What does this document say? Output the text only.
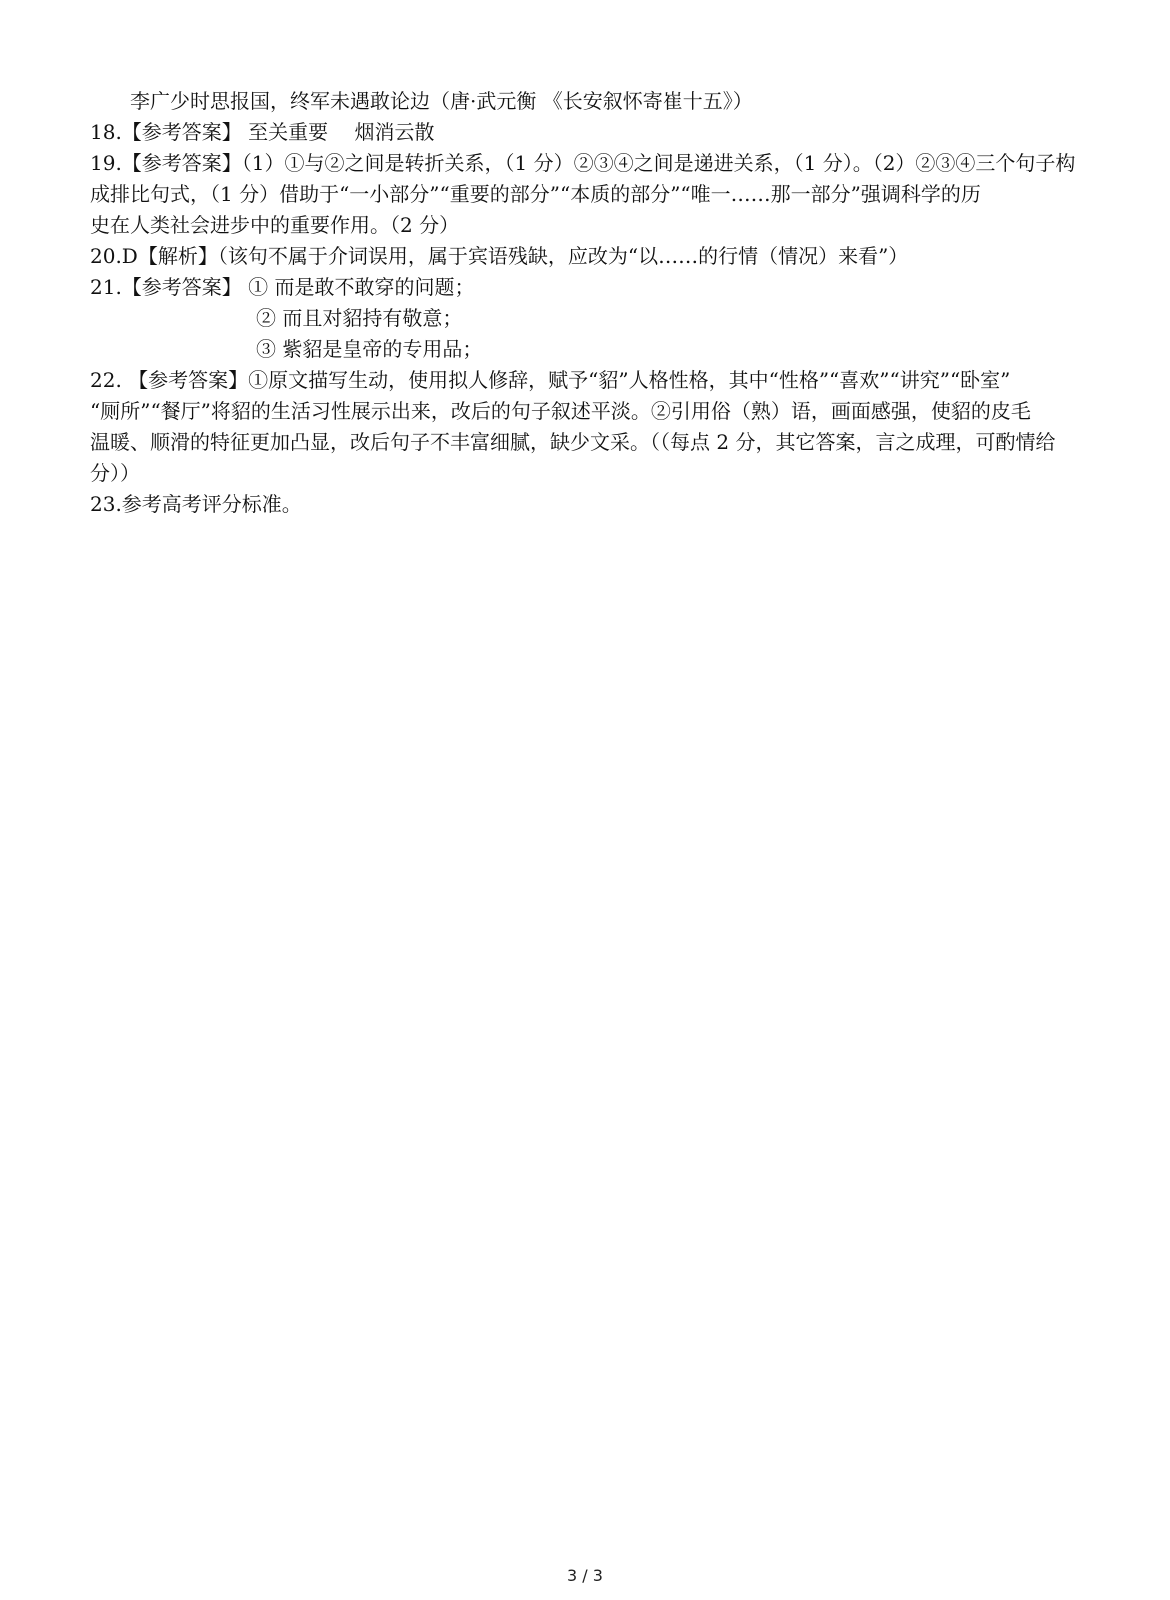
李广少时思报国，终军未遇敢论边（唐·武元衡 《长安叙怀寄崔十五》）
18.【参考答案】 至关重要　 烟消云散
19.【参考答案】（1）①与②之间是转折关系，（1 分）②③④之间是递进关系，（1 分）。（2）②③④三个句子构
成排比句式，（1 分）借助于“一小部分”“重要的部分”“本质的部分”“唯一……那一部分”强调科学的历
史在人类社会进步中的重要作用。（2 分）
20.D【解析】（该句不属于介词误用，属于宾语残缺，应改为“以……的行情（情况）来看”）
21.【参考答案】 ① 而是敢不敢穿的问题；
② 而且对貂持有敬意；
③ 紫貂是皇帝的专用品；
22. 【参考答案】①原文描写生动，使用拟人修辞，赋予“貂”人格性格，其中“性格”“喜欢”“讲究”“卧室”
“厕所”“餐厅”将貂的生活习性展示出来，改后的句子叙述平淡。②引用俗（熟）语，画面感强，使貂的皮毛
温暖、顺滑的特征更加凸显，改后句子不丰富细腻，缺少文采。（（每点 2 分，其它答案，言之成理，可酌情给
分））
23.参考高考评分标准。
3 / 3
